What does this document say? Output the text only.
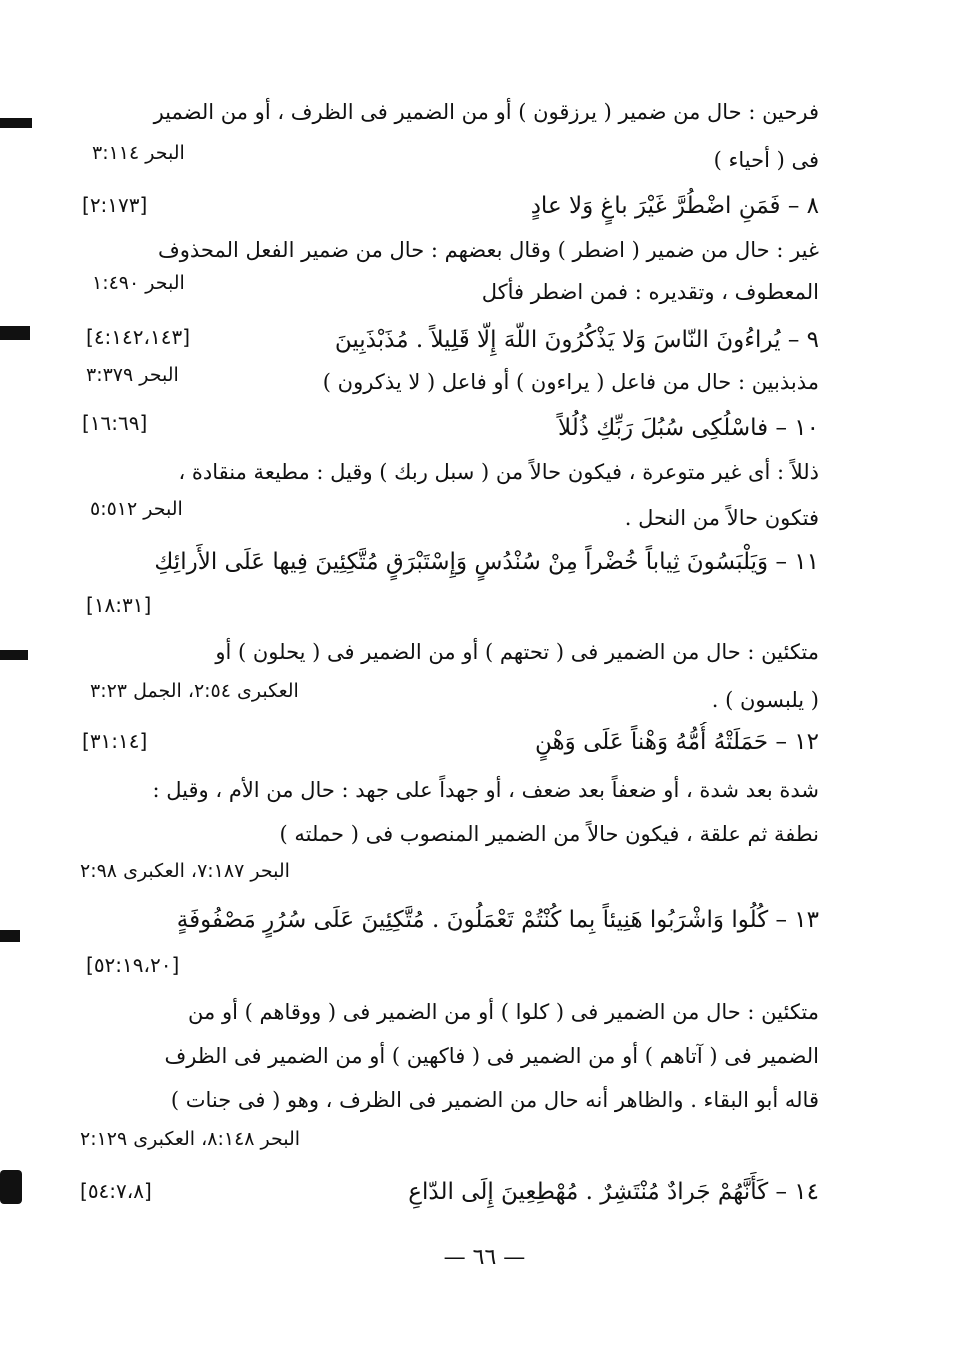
فرحين : حال من ضمير ( يرزقون ) أو من الضمير فى الظرف ، أو من الضمير
فى ( أحياء )
٨ – فَمَنِ اضْطُرَّ غَيْرَ باغٍ وَلا عادٍ
غير : حال من ضمير ( اضطر ) وقال بعضهم : حال من ضمير الفعل المحذوف
المعطوف ، وتقديره : فمن اضطر فأكل
٩ – يُراءُونَ النّاسَ وَلا يَذْكُرُونَ اللّهَ إِلّا قَلِيلاً . مُذَبْذَبِينَ
مذبذبين : حال من فاعل ( يراءون ) أو فاعل ( لا يذكرون )
١٠ – فاسْلُكِى سُبُلَ رَبِّكِ ذُلُلاً
ذللاً : أى غير متوعرة ، فيكون حالاً من ( سبل ربك ) وقيل : مطيعة منقادة ،
فتكون حالاً من النحل .
١١ – وَيَلْبَسُونَ ثِياباً خُضْراً مِنْ سُنْدُسٍ وَإِسْتَبْرَقٍ مُتَّكِئِينَ فِيها عَلَى الأَرائِكِ
متكئين : حال من الضمير فى ( تحتهم ) أو من الضمير فى ( يحلون ) أو
( يلبسون ) .
١٢ – حَمَلَتْهُ أُمُّهُ وَهْناً عَلَى وَهْنٍ
شدة بعد شدة ، أو ضعفاً بعد ضعف ، أو جهداً على جهد : حال من الأم ، وقيل :
نطفة ثم علقة ، فيكون حالاً من الضمير المنصوب فى ( حملته )
١٣ – كُلُوا وَاشْرَبُوا هَنِيئاً بِما كُنْتُمْ تَعْمَلُونَ . مُتَّكِئِينَ عَلَى سُرُرٍ مَصْفُوفَةٍ
متكئين : حال من الضمير فى ( كلوا ) أو من الضمير فى ( ووقاهم ) أو من
الضمير فى ( آتاهم ) أو من الضمير فى ( فاكهين ) أو من الضمير فى الظرف
قاله أبو البقاء . والظاهر أنه حال من الضمير فى الظرف ، وهو ( فى جنات )
١٤ – كَأَنَّهُمْ جَرادٌ مُنْتَشِرٌ . مُهْطِعِينَ إِلَى الدّاعِ
البحر ٣:١١٤
البحر ١:٤٩٠
البحر ٣:٣٧٩
البحر ٥:٥١٢
العكبرى ٢:٥٤، الجمل ٣:٢٣
البحر ٧:١٨٧، العكبرى ٢:٩٨
البحر ٨:١٤٨، العكبرى ٢:١٢٩
[٢:١٧٣]
[٤:١٤٢،١٤٣]
[١٦:٦٩]
[١٨:٣١]
[٣١:١٤]
[٥٢:١٩،٢٠]
[٥٤:٧،٨]
— ٦٦ —
